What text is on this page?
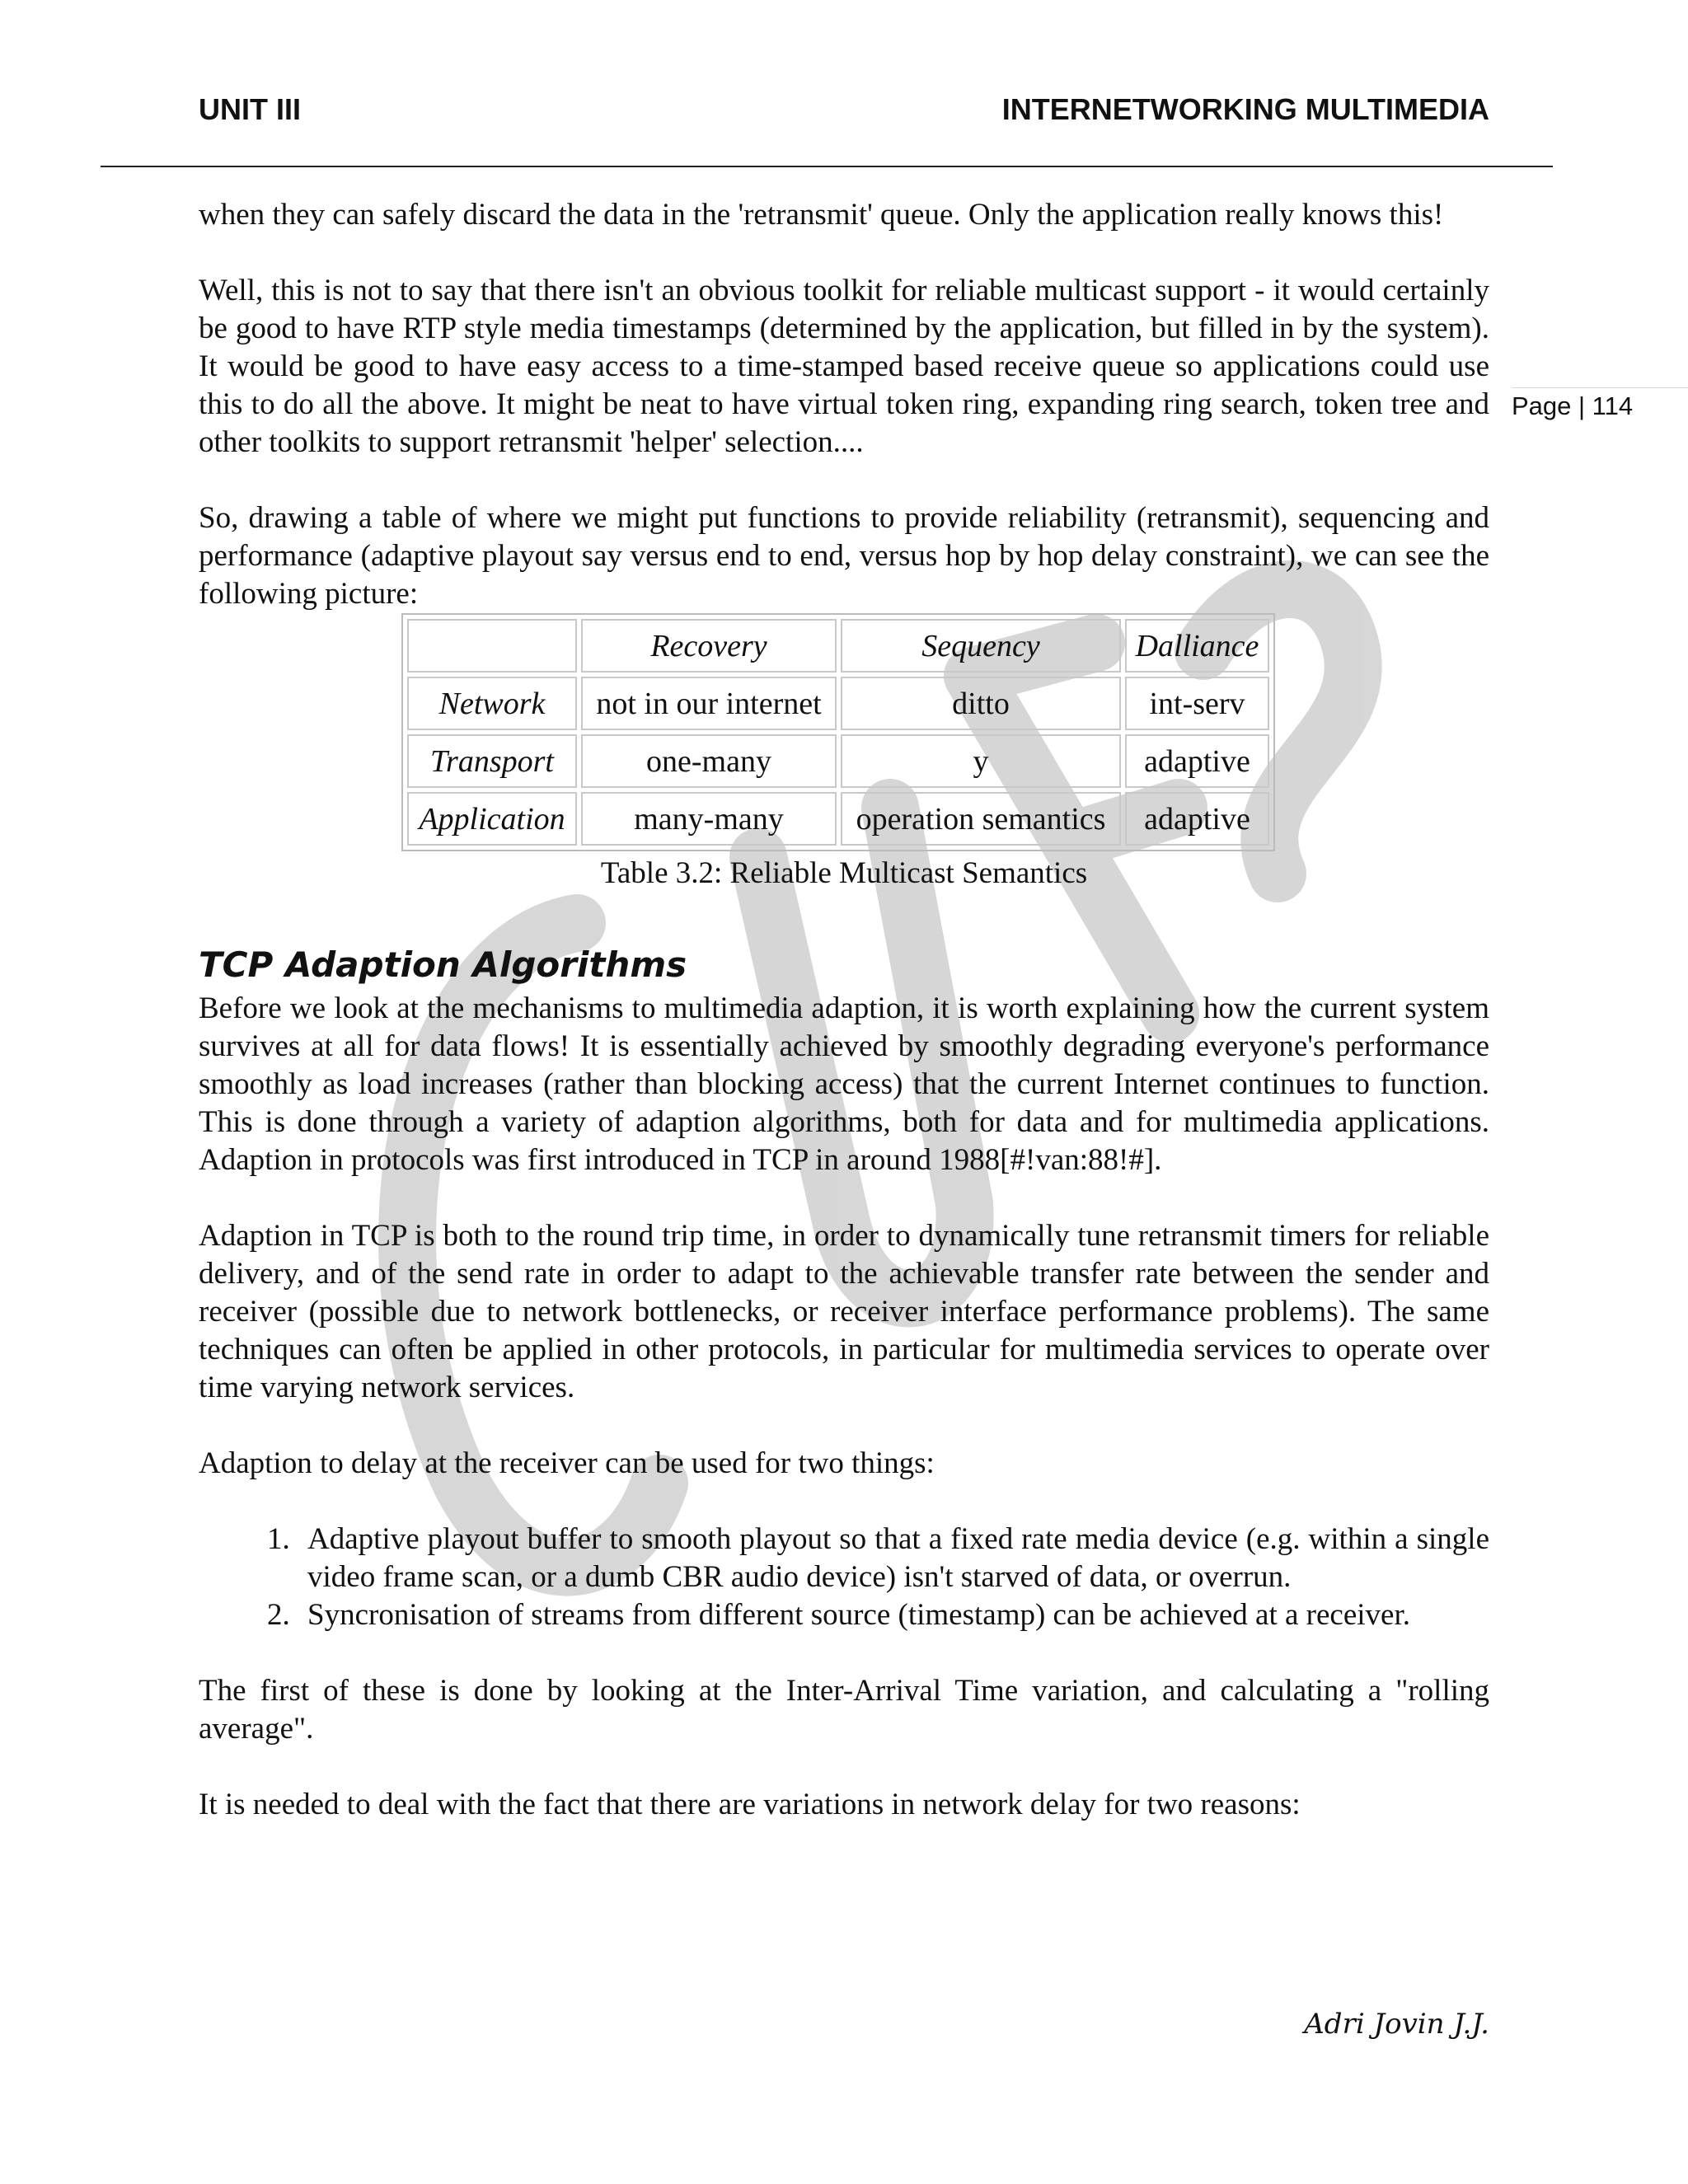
UNIT III	INTERNETWORKING MULTIMEDIA
Page | 114

when they can safely discard the data in the 'retransmit' queue. Only the application really knows this!

Well, this is not to say that there isn't an obvious toolkit for reliable multicast support - it would certainly be good to have RTP style media timestamps (determined by the application, but filled in by the system). It would be good to have easy access to a time-stamped based receive queue so applications could use this to do all the above. It might be neat to have virtual token ring, expanding ring search, token tree and other toolkits to support retransmit 'helper' selection....

So, drawing a table of where we might put functions to provide reliability (retransmit), sequencing and performance (adaptive playout say versus end to end, versus hop by hop delay constraint), we can see the following picture:

	Recovery	Sequency	Dalliance
Network	not in our internet	ditto	int-serv
Transport	one-many	y	adaptive
Application	many-many	operation semantics	adaptive
Table 3.2: Reliable Multicast Semantics
TCP Adaption Algorithms

Before we look at the mechanisms to multimedia adaption, it is worth explaining how the current system survives at all for data flows! It is essentially achieved by smoothly degrading everyone's performance smoothly as load increases (rather than blocking access) that the current Internet continues to function. This is done through a variety of adaption algorithms, both for data and for multimedia applications. Adaption in protocols was first introduced in TCP in around 1988[#!van:88!#].

Adaption in TCP is both to the round trip time, in order to dynamically tune retransmit timers for reliable delivery, and of the send rate in order to adapt to the achievable transfer rate between the sender and receiver (possible due to network bottlenecks, or receiver interface performance problems). The same techniques can often be applied in other protocols, in particular for multimedia services to operate over time varying network services.

Adaption to delay at the receiver can be used for two things:

1. Adaptive playout buffer to smooth playout so that a fixed rate media device (e.g. within a single video frame scan, or a dumb CBR audio device) isn't starved of data, or overrun.
2. Syncronisation of streams from different source (timestamp) can be achieved at a receiver.

The first of these is done by looking at the Inter-Arrival Time variation, and calculating a "rolling average".

It is needed to deal with the fact that there are variations in network delay for two reasons:

Adri Jovin J.J.
